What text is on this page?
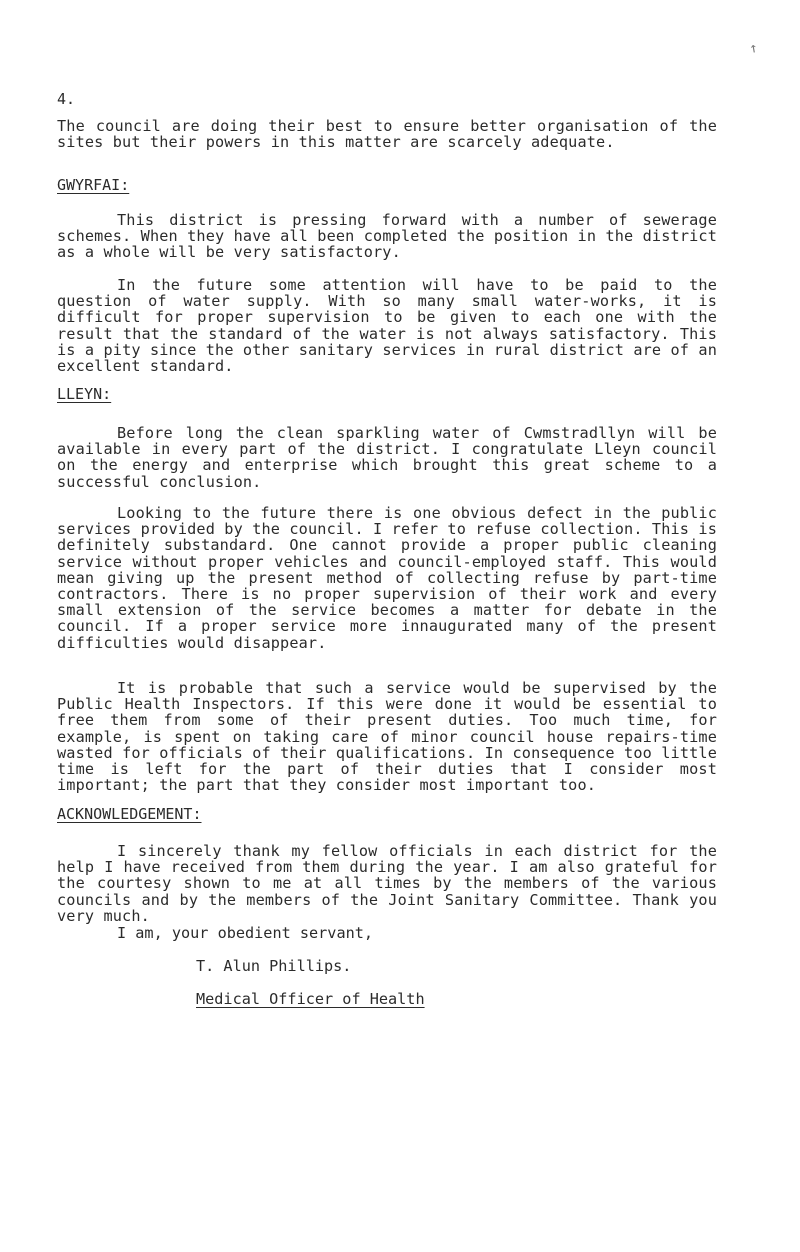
↖
4.

The council are doing their best to ensure better organisation of the sites but their powers in this matter are scarcely adequate.

GWYRFAI:

This district is pressing forward with a number of sewerage schemes. When they have all been completed the position in the district as a whole will be very satisfactory.

In the future some attention will have to be paid to the question of water supply. With so many small water-works, it is difficult for proper supervision to be given to each one with the result that the standard of the water is not always satisfactory. This is a pity since the other sanitary services in rural district are of an excellent standard.

LLEYN:

Before long the clean sparkling water of Cwmstradllyn will be available in every part of the district. I congratulate Lleyn council on the energy and enterprise which brought this great scheme to a successful conclusion.

Looking to the future there is one obvious defect in the public services provided by the council. I refer to refuse collection. This is definitely substandard. One cannot provide a proper public cleaning service without proper vehicles and council-employed staff. This would mean giving up the present method of collecting refuse by part-time contractors. There is no proper supervision of their work and every small extension of the service becomes a matter for debate in the council. If a proper service more innaugurated many of the present difficulties would disappear.

It is probable that such a service would be supervised by the Public Health Inspectors. If this were done it would be essential to free them from some of their present duties. Too much time, for example, is spent on taking care of minor council house repairs-time wasted for officials of their qualifications. In consequence too little time is left for the part of their duties that I consider most important; the part that they consider most important too.

ACKNOWLEDGEMENT:

I sincerely thank my fellow officials in each district for the help I have received from them during the year. I am also grateful for the courtesy shown to me at all times by the members of the various councils and by the members of the Joint Sanitary Committee. Thank you very much.

I am, your obedient servant,
T. Alun Phillips.
Medical Officer of Health
